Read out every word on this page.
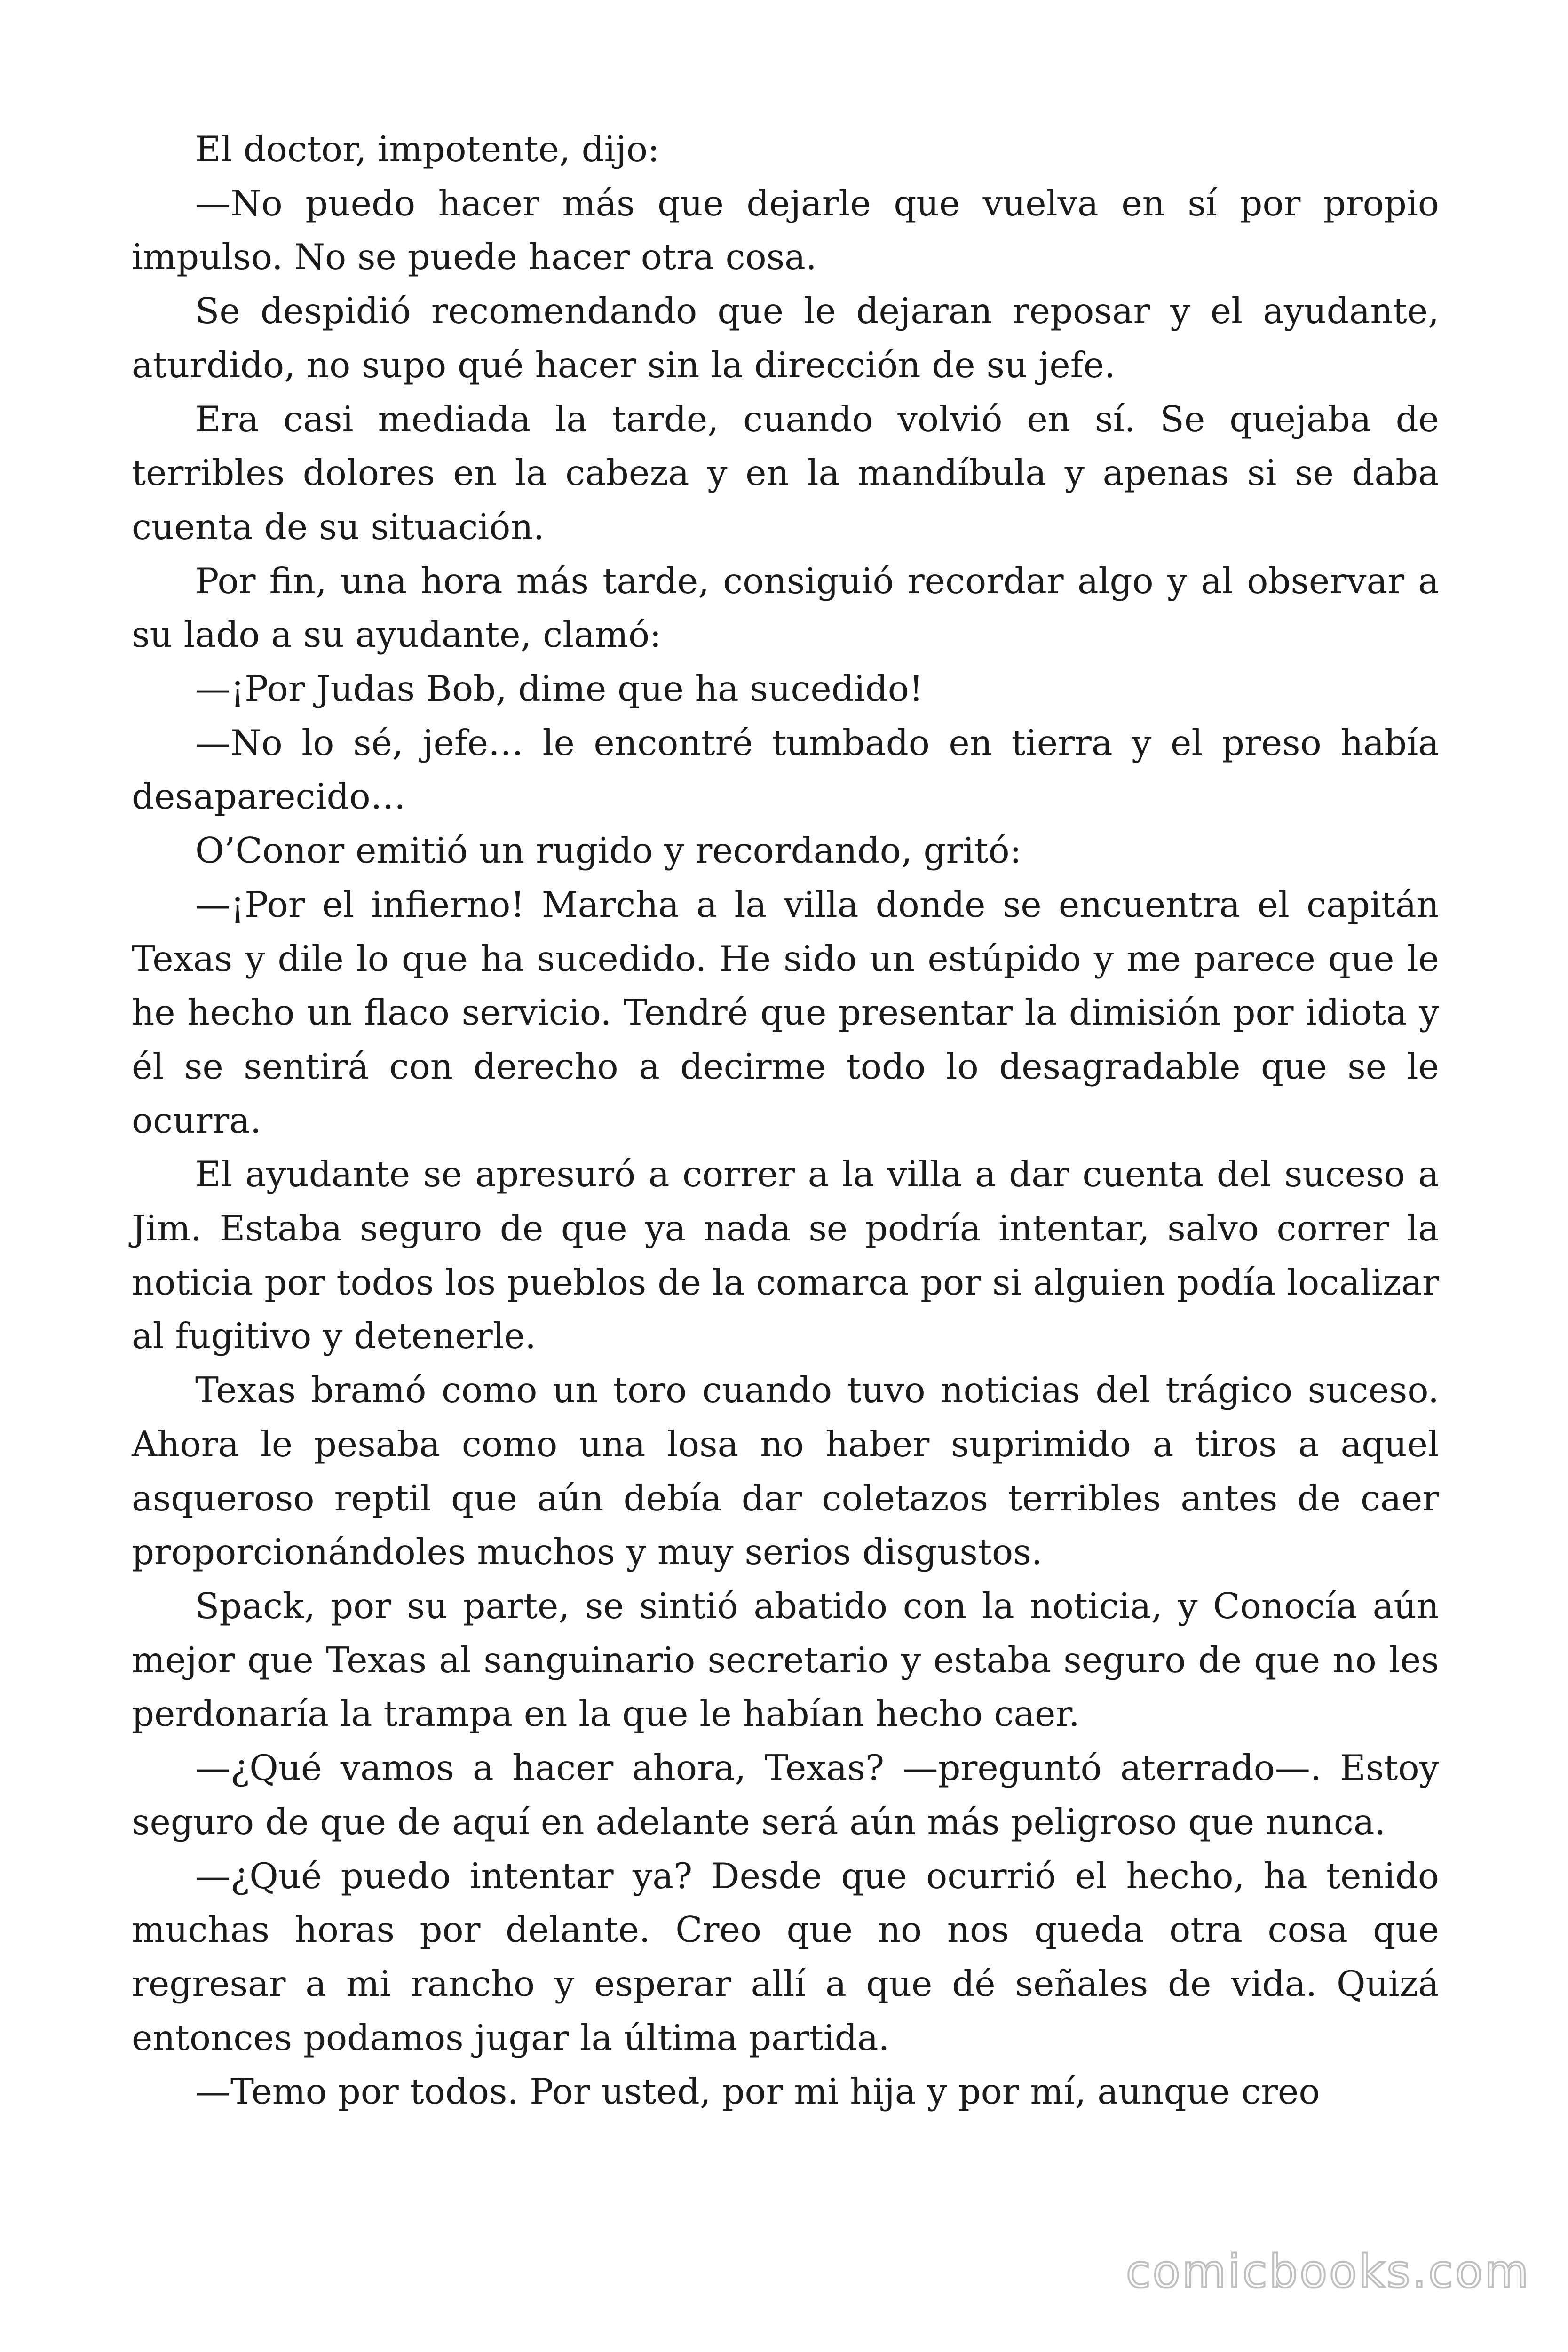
El doctor, impotente, dijo:

—No puedo hacer más que dejarle que vuelva en sí por propio impulso. No se puede hacer otra cosa.

Se despidió recomendando que le dejaran reposar y el ayudante, aturdido, no supo qué hacer sin la dirección de su jefe.

Era casi mediada la tarde, cuando volvió en sí. Se quejaba de terribles dolores en la cabeza y en la mandíbula y apenas si se daba cuenta de su situación.

Por fin, una hora más tarde, consiguió recordar algo y al observar a su lado a su ayudante, clamó:

—¡Por Judas Bob, dime que ha sucedido!

—No lo sé, jefe… le encontré tumbado en tierra y el preso había desaparecido…

O’Conor emitió un rugido y recordando, gritó:

—¡Por el infierno! Marcha a la villa donde se encuentra el capitán Texas y dile lo que ha sucedido. He sido un estúpido y me parece que le he hecho un flaco servicio. Tendré que presentar la dimisión por idiota y él se sentirá con derecho a decirme todo lo desagradable que se le ocurra.

El ayudante se apresuró a correr a la villa a dar cuenta del suceso a Jim. Estaba seguro de que ya nada se podría intentar, salvo correr la noticia por todos los pueblos de la comarca por si alguien podía localizar al fugitivo y detenerle.

Texas bramó como un toro cuando tuvo noticias del trágico suceso. Ahora le pesaba como una losa no haber suprimido a tiros a aquel asqueroso reptil que aún debía dar coletazos terribles antes de caer proporcionándoles muchos y muy serios disgustos.

Spack, por su parte, se sintió abatido con la noticia, y Conocía aún mejor que Texas al sanguinario secretario y estaba seguro de que no les perdonaría la trampa en la que le habían hecho caer.

—¿Qué vamos a hacer ahora, Texas? —preguntó aterrado—. Estoy seguro de que de aquí en adelante será aún más peligroso que nunca.

—¿Qué puedo intentar ya? Desde que ocurrió el hecho, ha tenido muchas horas por delante. Creo que no nos queda otra cosa que regresar a mi rancho y esperar allí a que dé señales de vida. Quizá entonces podamos jugar la última partida.

—Temo por todos. Por usted, por mi hija y por mí, aunque creo

comicbooks.com
